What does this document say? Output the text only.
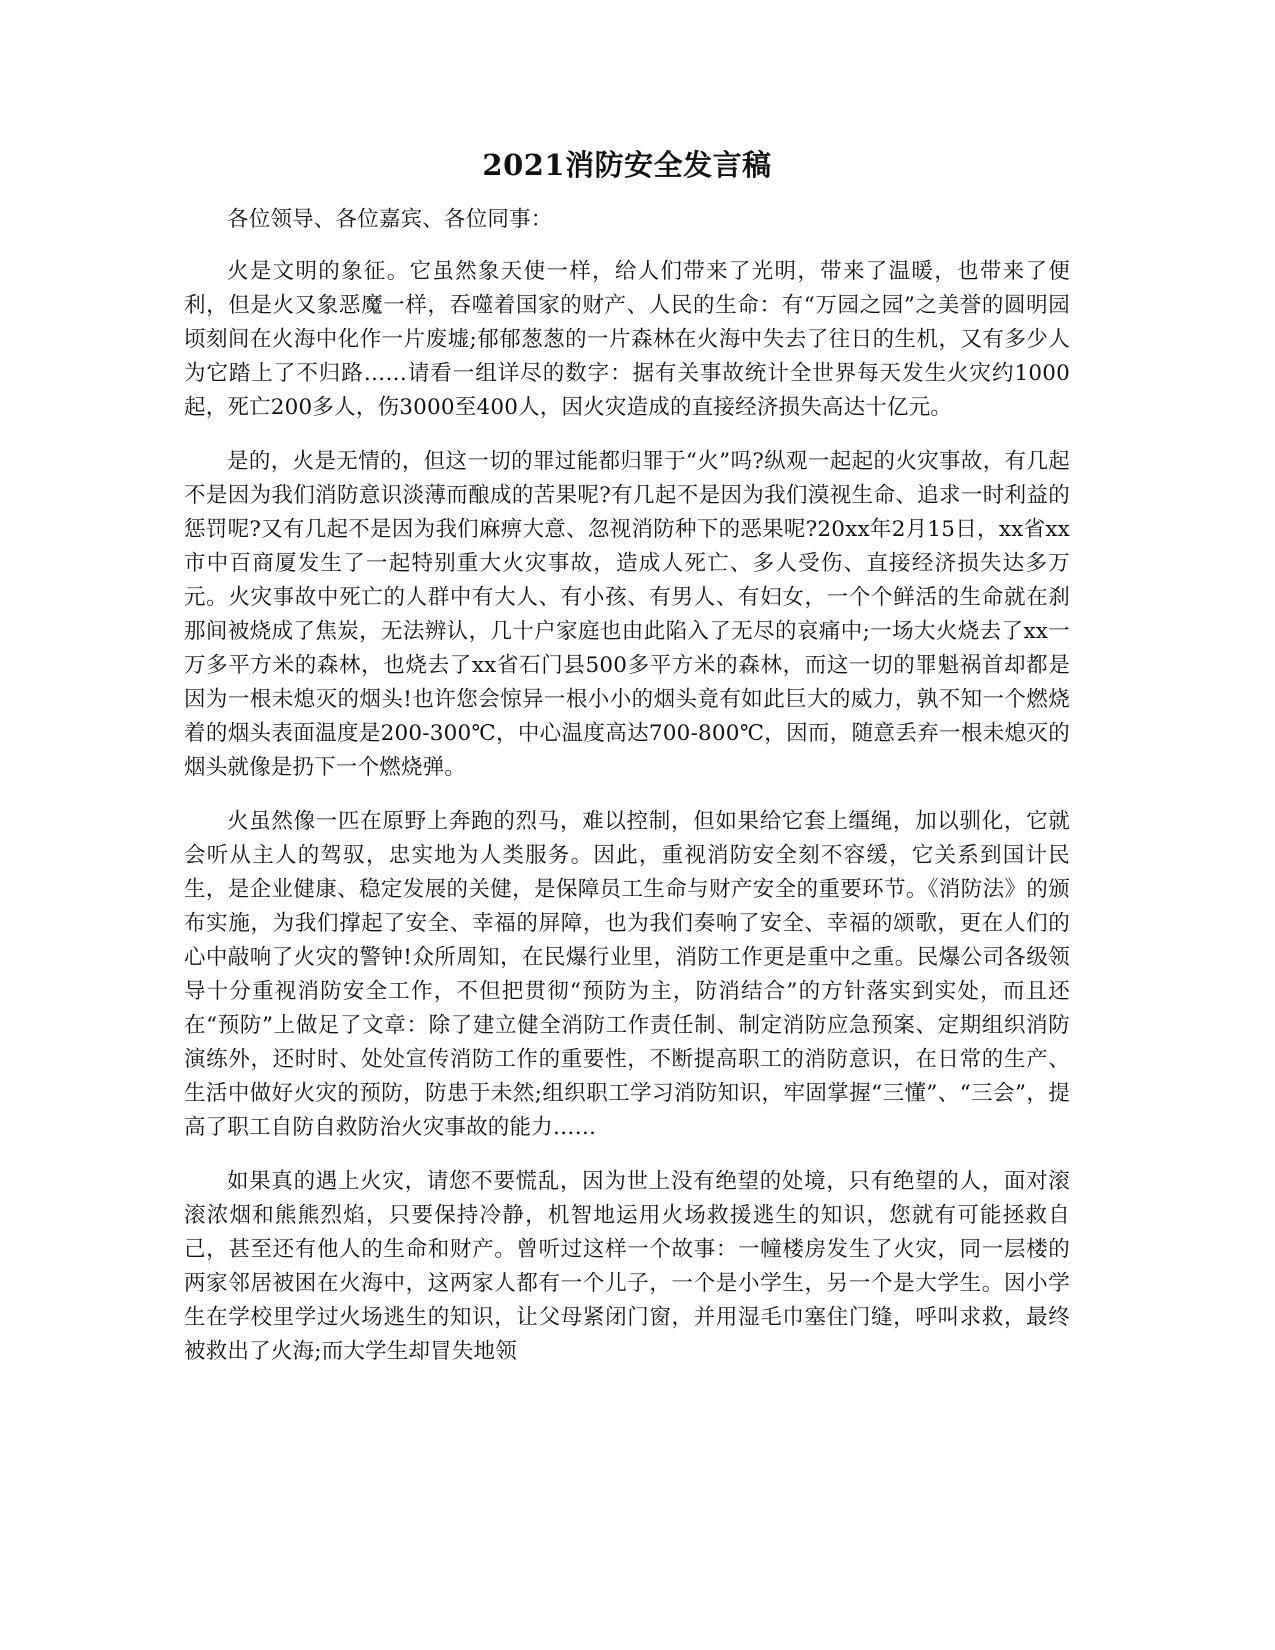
2021消防安全发言稿

各位领导、各位嘉宾、各位同事：

火是文明的象征。它虽然象天使一样，给人们带来了光明，带来了温暖，也带来了便利，但是火又象恶魔一样，吞噬着国家的财产、人民的生命：有“万园之园”之美誉的圆明园顷刻间在火海中化作一片废墟;郁郁葱葱的一片森林在火海中失去了往日的生机，又有多少人为它踏上了不归路……请看一组详尽的数字：据有关事故统计全世界每天发生火灾约1000起，死亡200多人，伤3000至400人，因火灾造成的直接经济损失高达十亿元。

是的，火是无情的，但这一切的罪过能都归罪于“火”吗?纵观一起起的火灾事故，有几起不是因为我们消防意识淡薄而酿成的苦果呢?有几起不是因为我们漠视生命、追求一时利益的惩罚呢?又有几起不是因为我们麻痹大意、忽视消防种下的恶果呢?20xx年2月15日，xx省xx市中百商厦发生了一起特别重大火灾事故，造成人死亡、多人受伤、直接经济损失达多万元。火灾事故中死亡的人群中有大人、有小孩、有男人、有妇女，一个个鲜活的生命就在刹那间被烧成了焦炭，无法辨认，几十户家庭也由此陷入了无尽的哀痛中;一场大火烧去了xx一万多平方米的森林，也烧去了xx省石门县500多平方米的森林，而这一切的罪魁祸首却都是因为一根未熄灭的烟头!也许您会惊异一根小小的烟头竟有如此巨大的威力，孰不知一个燃烧着的烟头表面温度是200-300℃，中心温度高达700-800℃，因而，随意丢弃一根未熄灭的烟头就像是扔下一个燃烧弹。

火虽然像一匹在原野上奔跑的烈马，难以控制，但如果给它套上缰绳，加以驯化，它就会听从主人的驾驭，忠实地为人类服务。因此，重视消防安全刻不容缓，它关系到国计民生，是企业健康、稳定发展的关健，是保障员工生命与财产安全的重要环节。《消防法》的颁布实施，为我们撑起了安全、幸福的屏障，也为我们奏响了安全、幸福的颂歌，更在人们的心中敲响了火灾的警钟!众所周知，在民爆行业里，消防工作更是重中之重。民爆公司各级领导十分重视消防安全工作，不但把贯彻“预防为主，防消结合”的方针落实到实处，而且还在“预防”上做足了文章：除了建立健全消防工作责任制、制定消防应急预案、定期组织消防演练外，还时时、处处宣传消防工作的重要性，不断提高职工的消防意识，在日常的生产、生活中做好火灾的预防，防患于未然;组织职工学习消防知识，牢固掌握“三懂”、“三会”，提高了职工自防自救防治火灾事故的能力……

如果真的遇上火灾，请您不要慌乱，因为世上没有绝望的处境，只有绝望的人，面对滚滚浓烟和熊熊烈焰，只要保持冷静，机智地运用火场救援逃生的知识，您就有可能拯救自己，甚至还有他人的生命和财产。曾听过这样一个故事：一幢楼房发生了火灾，同一层楼的两家邻居被困在火海中，这两家人都有一个儿子，一个是小学生，另一个是大学生。因小学生在学校里学过火场逃生的知识，让父母紧闭门窗，并用湿毛巾塞住门缝，呼叫求救，最终被救出了火海;而大学生却冒失地领
